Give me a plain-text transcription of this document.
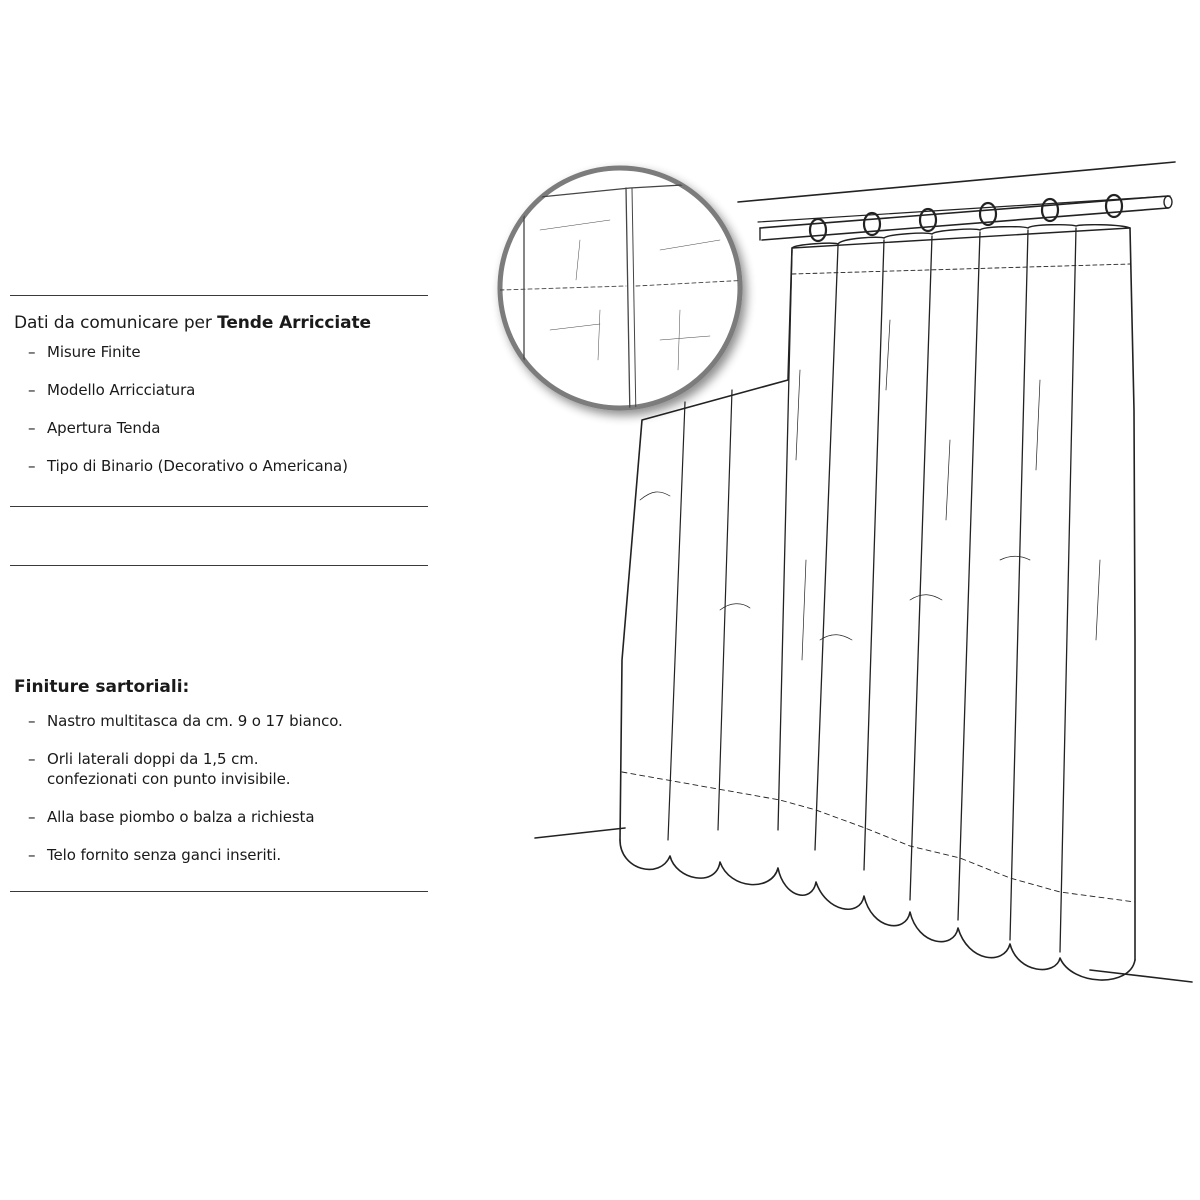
Dati da comunicare per Tende Arricciate

– Misure Finite
– Modello Arricciatura
– Apertura Tenda
– Tipo di Binario (Decorativo o Americana)

Finiture sartoriali:

– Nastro multitasca da cm. 9 o 17 bianco.
– Orli laterali doppi da 1,5 cm. confezionati con punto invisibile.
– Alla base piombo o balza a richiesta
– Telo fornito senza ganci inseriti.
